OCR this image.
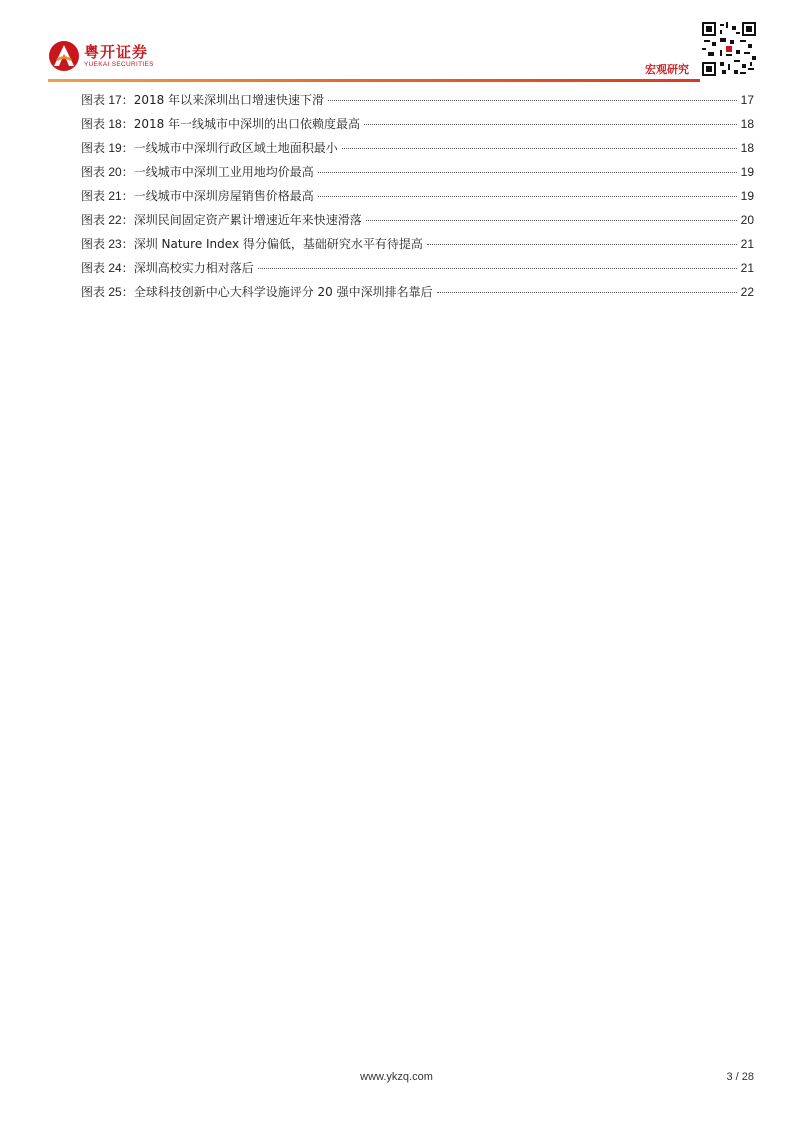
粤开证券
YUEKAI SECURITIES	宏观研究
图表 17： 2018 年以来深圳出口增速快速下滑	17
图表 18： 2018 年一线城市中深圳的出口依赖度最高	18
图表 19： 一线城市中深圳行政区域土地面积最小	18
图表 20： 一线城市中深圳工业用地均价最高	19
图表 21： 一线城市中深圳房屋销售价格最高	19
图表 22： 深圳民间固定资产累计增速近年来快速滑落	20
图表 23： 深圳 Nature Index 得分偏低，基础研究水平有待提高	21
图表 24： 深圳高校实力相对落后	21
图表 25： 全球科技创新中心大科学设施评分 20 强中深圳排名靠后	22
www.ykzq.com	3 / 28
